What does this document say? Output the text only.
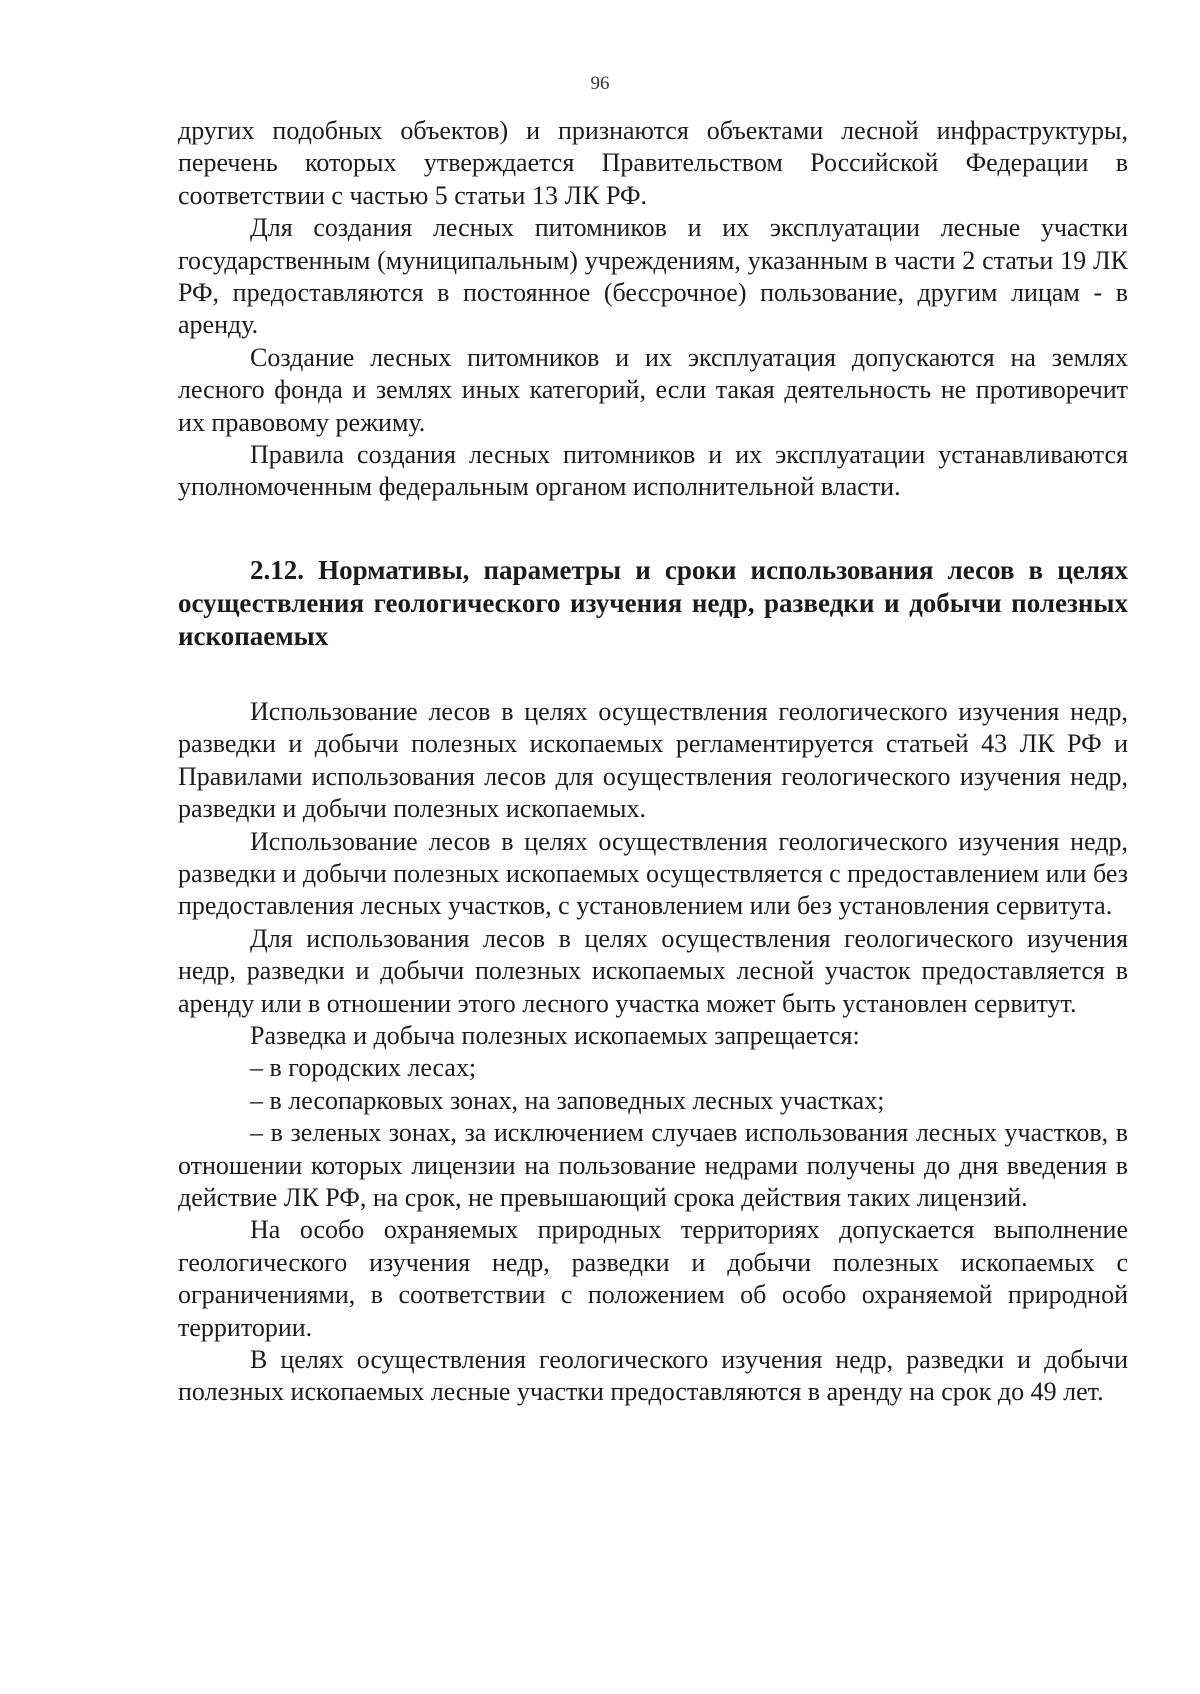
96

других подобных объектов) и признаются объектами лесной инфраструктуры, перечень которых утверждается Правительством Российской Федерации в соответствии с частью 5 статьи 13 ЛК РФ.

Для создания лесных питомников и их эксплуатации лесные участки государственным (муниципальным) учреждениям, указанным в части 2 статьи 19 ЛК РФ, предоставляются в постоянное (бессрочное) пользование, другим лицам - в аренду.

Создание лесных питомников и их эксплуатация допускаются на землях лесного фонда и землях иных категорий, если такая деятельность не противоречит их правовому режиму.

Правила создания лесных питомников и их эксплуатации устанавливаются уполномоченным федеральным органом исполнительной власти.

2.12. Нормативы, параметры и сроки использования лесов в целях осуществления геологического изучения недр, разведки и добычи полезных ископаемых

Использование лесов в целях осуществления геологического изучения недр, разведки и добычи полезных ископаемых регламентируется статьей 43 ЛК РФ и Правилами использования лесов для осуществления геологического изучения недр, разведки и добычи полезных ископаемых.

Использование лесов в целях осуществления геологического изучения недр, разведки и добычи полезных ископаемых осуществляется с предоставлением или без предоставления лесных участков, с установлением или без установления сервитута.

Для использования лесов в целях осуществления геологического изучения недр, разведки и добычи полезных ископаемых лесной участок предоставляется в аренду или в отношении этого лесного участка может быть установлен сервитут.

Разведка и добыча полезных ископаемых запрещается:

– в городских лесах;

– в лесопарковых зонах, на заповедных лесных участках;

– в зеленых зонах, за исключением случаев использования лесных участков, в отношении которых лицензии на пользование недрами получены до дня введения в действие ЛК РФ, на срок, не превышающий срока действия таких лицензий.

На особо охраняемых природных территориях допускается выполнение геологического изучения недр, разведки и добычи полезных ископаемых с ограничениями, в соответствии с положением об особо охраняемой природной территории.

В целях осуществления геологического изучения недр, разведки и добычи полезных ископаемых лесные участки предоставляются в аренду на срок до 49 лет.
